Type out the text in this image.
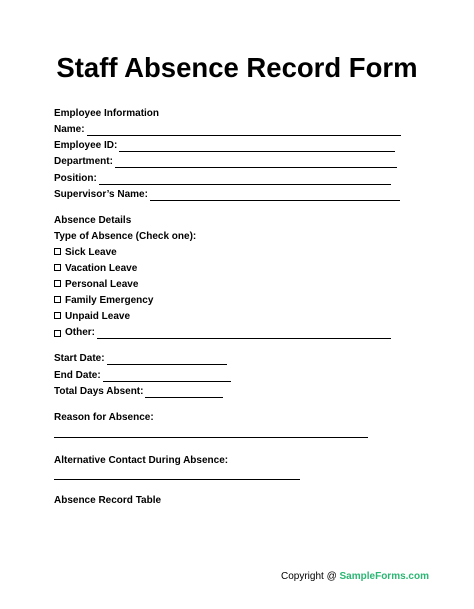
Staff Absence Record Form
Employee Information
Name:
Employee ID:
Department:
Position:
Supervisor’s Name:
Absence Details
Type of Absence (Check one):
Sick Leave
Vacation Leave
Personal Leave
Family Emergency
Unpaid Leave
Other:
Start Date:
End Date:
Total Days Absent:
Reason for Absence:
Alternative Contact During Absence:
Absence Record Table
Copyright @ SampleForms.com
